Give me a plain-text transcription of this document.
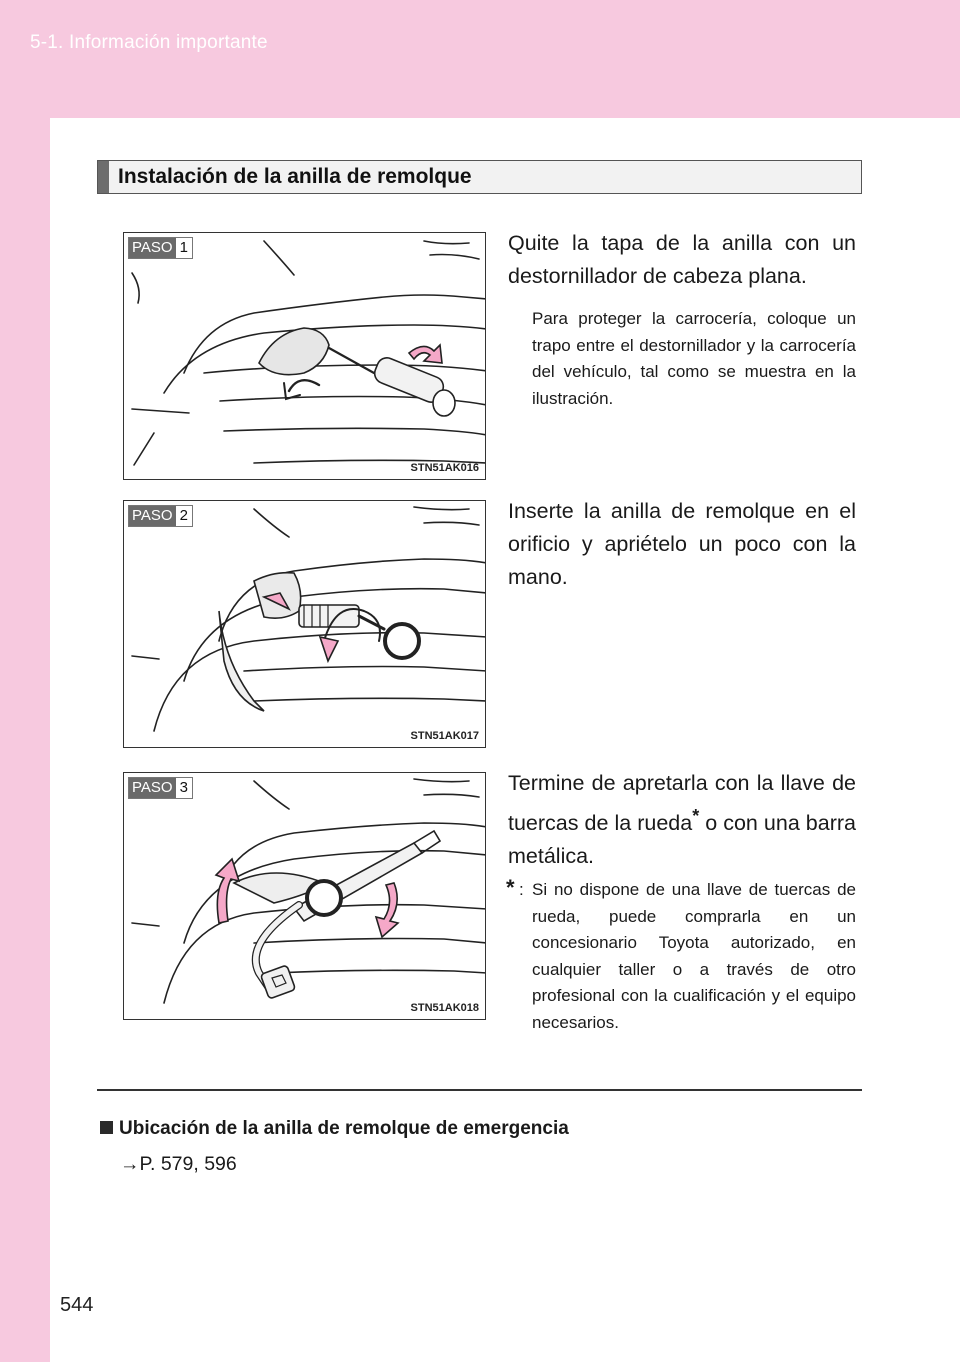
5-1. Información importante
Instalación de la anilla de remolque
PASO 1
STN51AK016
Quite la tapa de la anilla con un destornillador de cabeza plana.
Para proteger la carrocería, coloque un trapo entre el destornillador y la carrocería del vehículo, tal como se muestra en la ilustración.
PASO 2
STN51AK017
Inserte la anilla de remolque en el orificio y apriételo un poco con la mano.
PASO 3
STN51AK018
Termine de apretarla con la llave de tuercas de la rueda* o con una barra metálica.
* : Si no dispone de una llave de tuercas de rueda, puede comprarla en un concesionario Toyota autorizado, en cualquier taller o a través de otro profesional con la cualificación y el equipo necesarios.
Ubicación de la anilla de remolque de emergencia
→P. 579, 596
544
